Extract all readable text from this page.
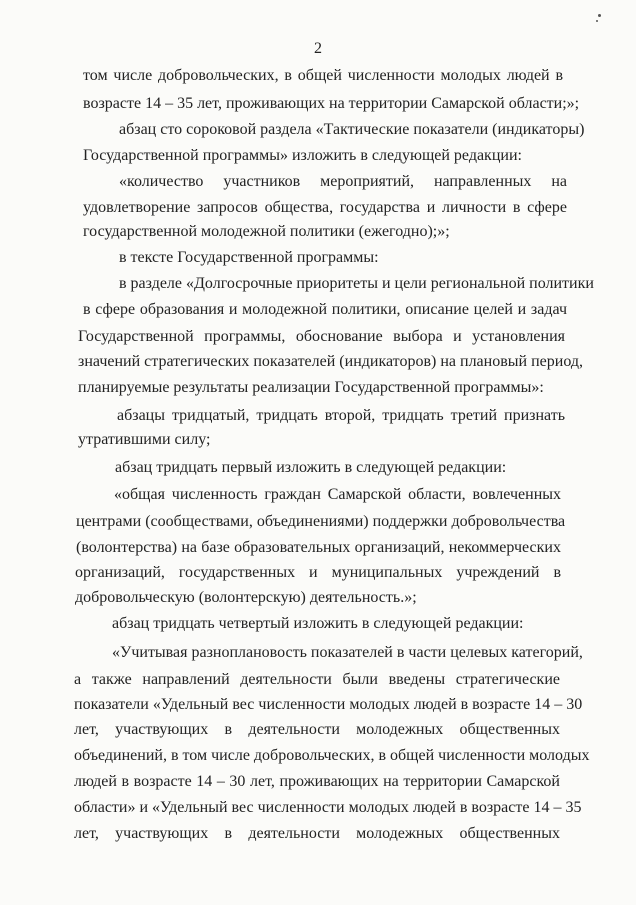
2
том числе добровольческих, в общей численности молодых людей в
возрасте 14 – 35 лет, проживающих на территории Самарской области;»;
абзац сто сороковой раздела «Тактические показатели (индикаторы)
Государственной программы» изложить в следующей редакции:
«количество участников мероприятий, направленных на
удовлетворение запросов общества, государства и личности в сфере
государственной молодежной политики (ежегодно);»;
в тексте Государственной программы:
в разделе «Долгосрочные приоритеты и цели региональной политики
в сфере образования и молодежной политики, описание целей и задач
Государственной программы, обоснование выбора и установления
значений стратегических показателей (индикаторов) на плановый период,
планируемые результаты реализации Государственной программы»:
абзацы тридцатый, тридцать второй, тридцать третий признать
утратившими силу;
абзац тридцать первый изложить в следующей редакции:
«общая численность граждан Самарской области, вовлеченных
центрами (сообществами, объединениями) поддержки добровольчества
(волонтерства) на базе образовательных организаций, некоммерческих
организаций, государственных и муниципальных учреждений в
добровольческую (волонтерскую) деятельность.»;
абзац тридцать четвертый изложить в следующей редакции:
«Учитывая разноплановость показателей в части целевых категорий,
а также направлений деятельности были введены стратегические
показатели «Удельный вес численности молодых людей в возрасте 14 – 30
лет, участвующих в деятельности молодежных общественных
объединений, в том числе добровольческих, в общей численности молодых
людей в возрасте 14 – 30 лет, проживающих на территории Самарской
области» и «Удельный вес численности молодых людей в возрасте 14 – 35
лет, участвующих в деятельности молодежных общественных
